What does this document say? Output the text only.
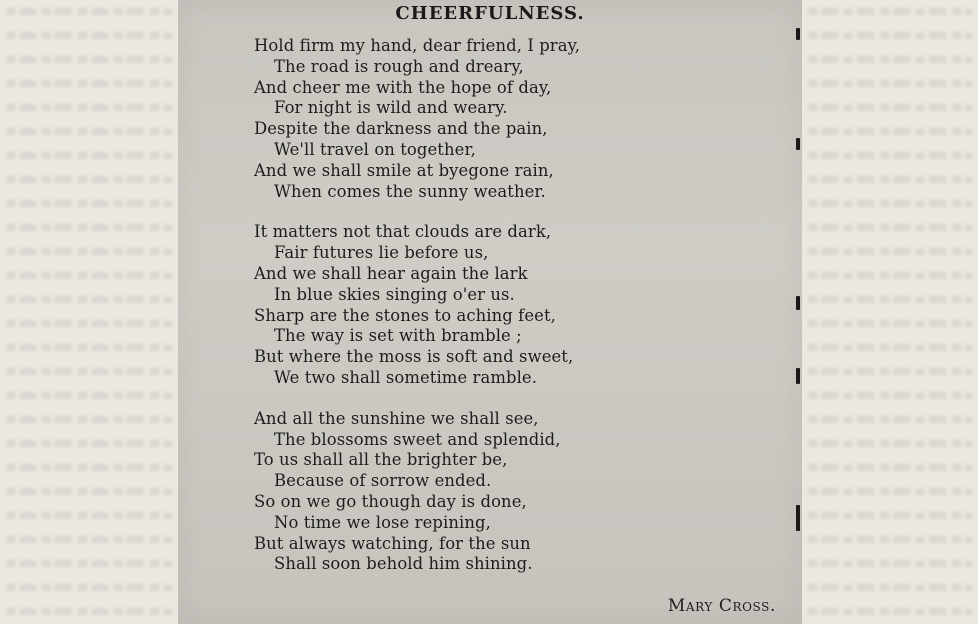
CHEERFULNESS.
Hold firm my hand, dear friend, I pray,
The road is rough and dreary,
And cheer me with the hope of day,
For night is wild and weary.
Despite the darkness and the pain,
We'll travel on together,
And we shall smile at byegone rain,
When comes the sunny weather.
It matters not that clouds are dark,
Fair futures lie before us,
And we shall hear again the lark
In blue skies singing o'er us.
Sharp are the stones to aching feet,
The way is set with bramble ;
But where the moss is soft and sweet,
We two shall sometime ramble.
And all the sunshine we shall see,
The blossoms sweet and splendid,
To us shall all the brighter be,
Because of sorrow ended.
So on we go though day is done,
No time we lose repining,
But always watching, for the sun
Shall soon behold him shining.
Mary Cross.
